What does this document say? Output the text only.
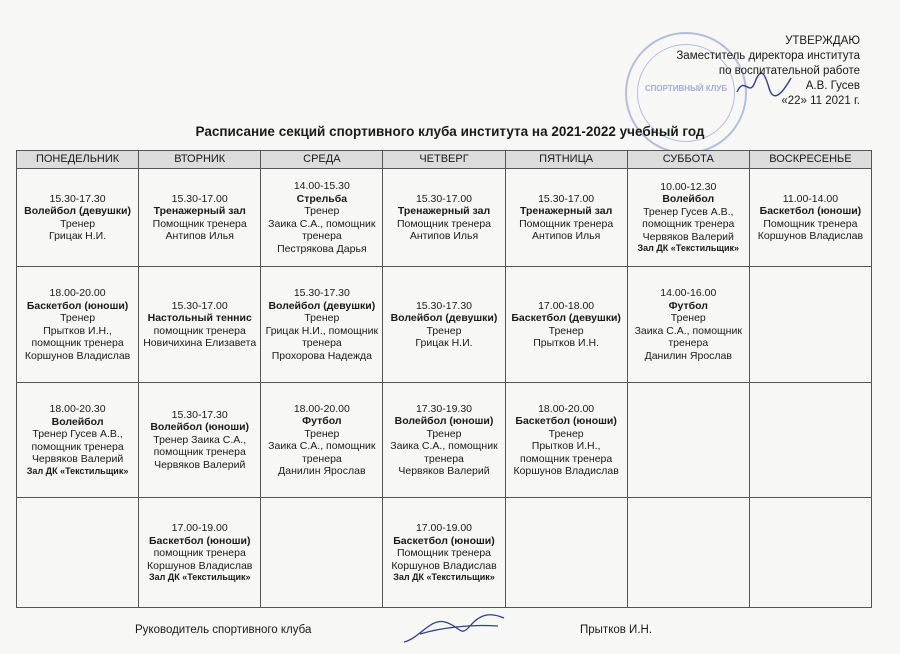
СПОРТИВНЫЙ КЛУБ
УТВЕРЖДАЮ
Заместитель директора института
по воспитательной работе
А.В. Гусев
«22» 11 2021 г.
Расписание секций спортивного клуба института на 2021-2022 учебный год
ПОНЕДЕЛЬНИК	ВТОРНИК	СРЕДА	ЧЕТВЕРГ	ПЯТНИЦА	СУББОТА	ВОСКРЕСЕНЬЕ

15.30-17.30
Волейбол (девушки)
Тренер
Грицак Н.И.	15.30-17.00
Тренажерный зал
Помощник тренера
Антипов Илья	14.00-15.30
Стрельба
Тренер
Заика С.А., помощник тренера
Пестрякова Дарья	15.30-17.00
Тренажерный зал
Помощник тренера
Антипов Илья	15.30-17.00
Тренажерный зал
Помощник тренера
Антипов Илья	10.00-12.30
Волейбол
Тренер Гусев А.В., помощник тренера Червяков Валерий
Зал ДК «Текстильщик»	11.00-14.00
Баскетбол (юноши)
Помощник тренера
Коршунов Владислав

18.00-20.00
Баскетбол (юноши)
Тренер
Прытков И.Н., помощник тренера
Коршунов Владислав	15.30-17.00
Настольный теннис
помощник тренера
Новичихина Елизавета	15.30-17.30
Волейбол (девушки)
Тренер
Грицак Н.И., помощник тренера
Прохорова Надежда	15.30-17.30
Волейбол (девушки)
Тренер
Грицак Н.И.	17.00-18.00
Баскетбол (девушки)
Тренер
Прытков И.Н.	14.00-16.00
Футбол
Тренер
Заика С.А., помощник тренера
Данилин Ярослав	

18.00-20.30
Волейбол
Тренер Гусев А.В., помощник тренера Червяков Валерий
Зал ДК «Текстильщик»	15.30-17.30
Волейбол (юноши)
Тренер Заика С.А., помощник тренера Червяков Валерий	18.00-20.00
Футбол
Тренер
Заика С.А., помощник тренера
Данилин Ярослав	17.30-19.30
Волейбол (юноши)
Тренер
Заика С.А., помощник тренера
Червяков Валерий	18.00-20.00
Баскетбол (юноши)
Тренер
Прытков И.Н., помощник тренера
Коршунов Владислав		

	17.00-19.00
Баскетбол (юноши)
помощник тренера
Коршунов Владислав
Зал ДК «Текстильщик»		17.00-19.00
Баскетбол (юноши)
Помощник тренера
Коршунов Владислав
Зал ДК «Текстильщик»			

Руководитель спортивного клуба	Прытков И.Н.
